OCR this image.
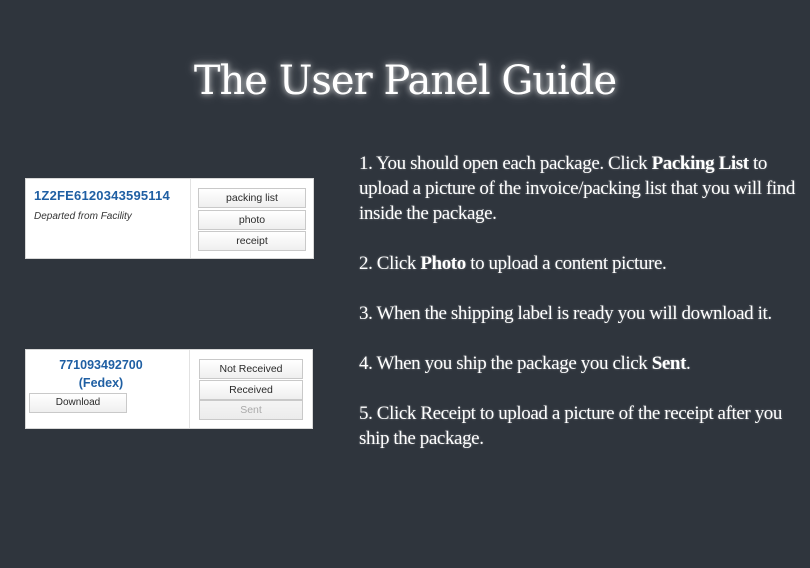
The User Panel Guide
1Z2FE6120343595114
Departed from Facility
packing list
photo
receipt
771093492700
(Fedex)
Download
Not Received
Received
Sent

1. You should open each package. Click Packing List to upload a picture of the invoice/packing list that you will find inside the package.

2. Click Photo to upload a content picture.

3. When the shipping label is ready you will download it.

4. When you ship the package you click Sent.

5. Click Receipt to upload a picture of the receipt after you ship the package.
